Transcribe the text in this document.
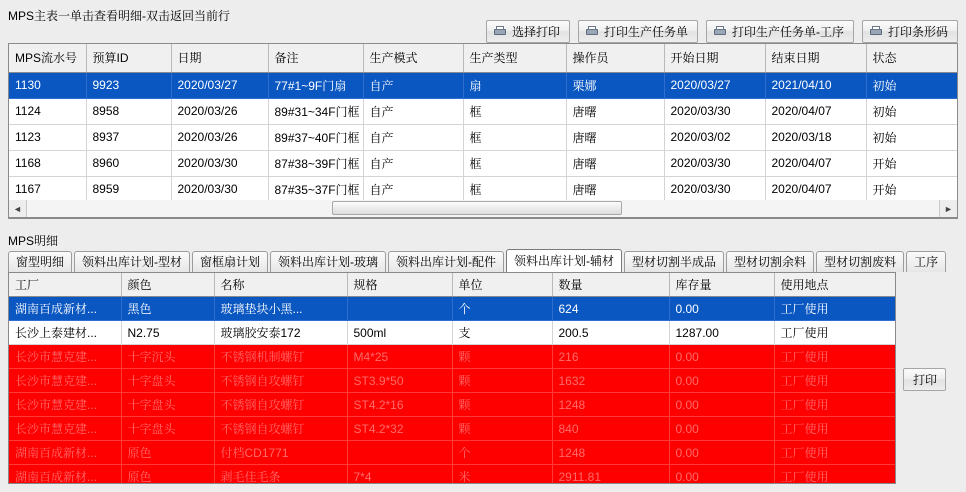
MPS主表一单击查看明细-双击返回当前行
选择打印	打印生产任务单	打印生产任务单-工序	打印条形码
MPS流水号	预算ID	日期	备注	生产模式	生产类型	操作员	开始日期	结束日期	状态
1130	9923	2020/03/27	77#1~9F门扇	自产	扇	栗娜	2020/03/27	2021/04/10	初始
1124	8958	2020/03/26	89#31~34F门框	自产	框	唐曙	2020/03/30	2020/04/07	初始
1123	8937	2020/03/26	89#37~40F门框	自产	框	唐曙	2020/03/02	2020/03/18	初始
1168	8960	2020/03/30	87#38~39F门框	自产	框	唐曙	2020/03/30	2020/04/07	开始
1167	8959	2020/03/30	87#35~37F门框	自产	框	唐曙	2020/03/30	2020/04/07	开始
◄	►
MPS明细
窗型明细	领料出库计划-型材	窗框扇计划	领料出库计划-玻璃	领料出库计划-配件	领料出库计划-辅材	型材切割半成品	型材切割余料	型材切割废料	工序
工厂	颜色	名称	规格	单位	数量	库存量	使用地点
湖南百成新材...	黑色	玻璃垫块小黑...		个	624	0.00	工厂使用
长沙上泰建材...	N2.75	玻璃胶安泰172	500ml	支	200.5	1287.00	工厂使用
长沙市慧克建...	十字沉头	不锈钢机制螺钉	M4*25	颗	216	0.00	工厂使用
长沙市慧克建...	十字盘头	不锈钢自攻螺钉	ST3.9*50	颗	1632	0.00	工厂使用
长沙市慧克建...	十字盘头	不锈钢自攻螺钉	ST4.2*16	颗	1248	0.00	工厂使用
长沙市慧克建...	十字盘头	不锈钢自攻螺钉	ST4.2*32	颗	840	0.00	工厂使用
湖南百成新材...	原色	付档CD1771		个	1248	0.00	工厂使用
湖南百成新材...	原色	剥毛佳毛条	7*4	米	2911.81	0.00	工厂使用
打印
